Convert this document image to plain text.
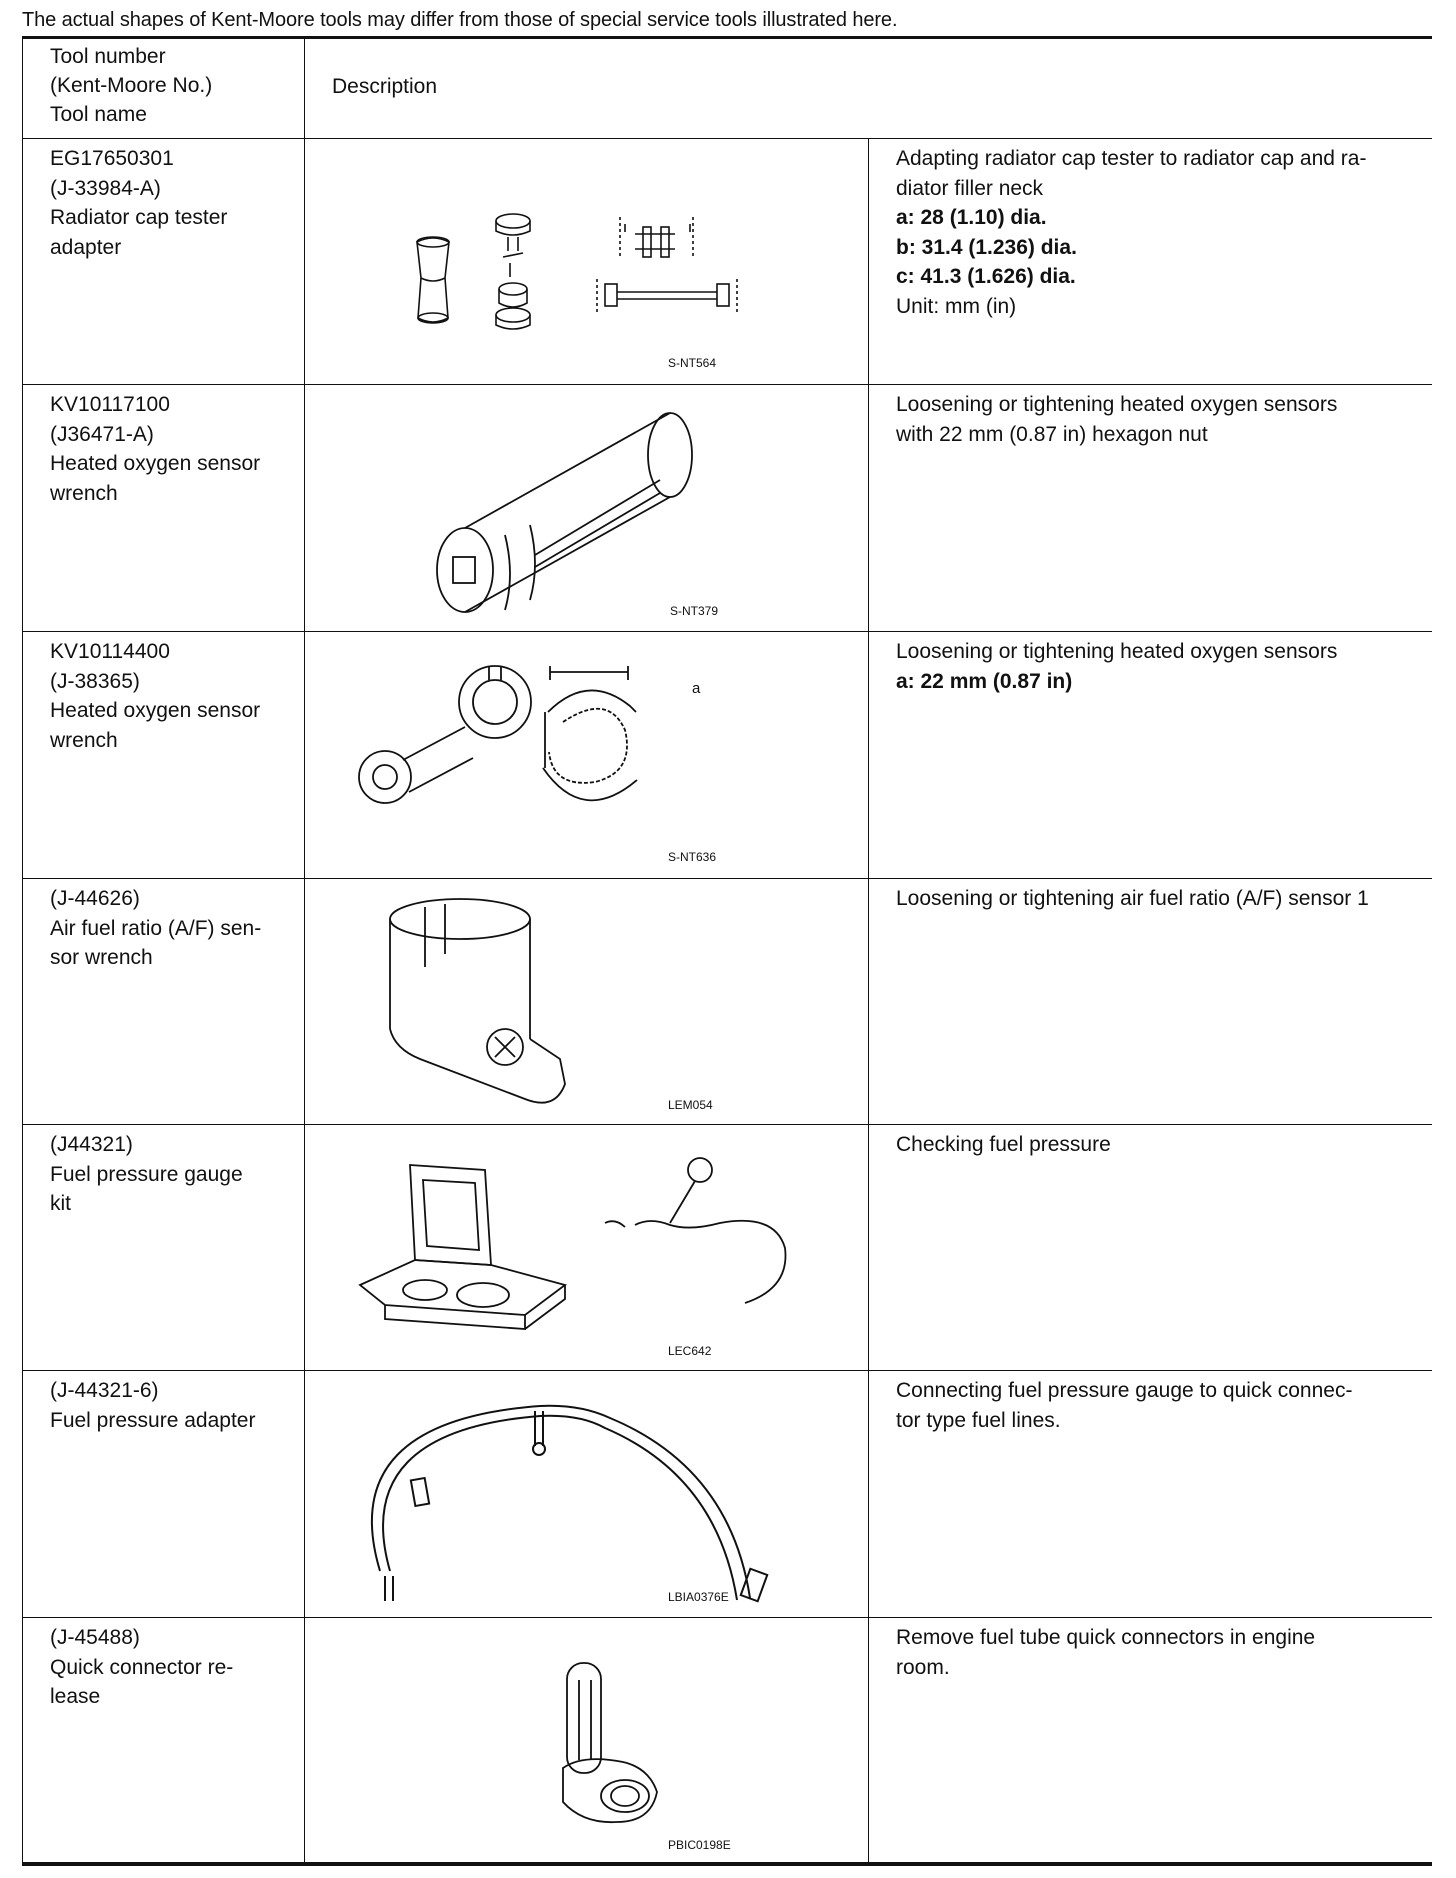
The actual shapes of Kent-Moore tools may differ from those of special service tools illustrated here.
Tool number
(Kent-Moore No.)
Tool name
Description
EG17650301
(J-33984-A)
Radiator cap tester
adapter
S-NT564
Adapting radiator cap tester to radiator cap and ra-
diator filler neck
a: 28 (1.10) dia.
b: 31.4 (1.236) dia.
c: 41.3 (1.626) dia.
Unit: mm (in)
KV10117100
(J36471-A)
Heated oxygen sensor
wrench
S-NT379
Loosening or tightening heated oxygen sensors
with 22 mm (0.87 in) hexagon nut
KV10114400
(J-38365)
Heated oxygen sensor
wrench
S-NT636
a
Loosening or tightening heated oxygen sensors
a: 22 mm (0.87 in)
(J-44626)
Air fuel ratio (A/F) sen-
sor wrench
LEM054
Loosening or tightening air fuel ratio (A/F) sensor 1
(J44321)
Fuel pressure gauge
kit
LEC642
Checking fuel pressure
(J-44321-6)
Fuel pressure adapter
LBIA0376E
Connecting fuel pressure gauge to quick connec-
tor type fuel lines.
(J-45488)
Quick connector re-
lease
PBIC0198E
Remove fuel tube quick connectors in engine
room.
